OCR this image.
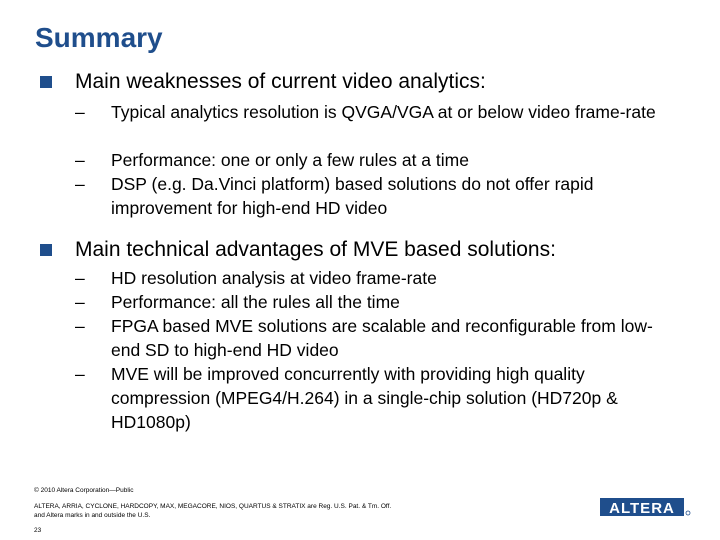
Summary
Main weaknesses of current video analytics:
– Typical analytics resolution is QVGA/VGA at or below video frame-rate
– Performance: one or only a few rules at a time
– DSP (e.g. Da.Vinci platform) based solutions do not offer rapid improvement for high-end HD video
Main technical advantages of MVE based solutions:
– HD resolution analysis at video frame-rate
– Performance: all the rules all the time
– FPGA based MVE solutions are scalable and reconfigurable from low-end SD to high-end HD video
– MVE will be improved concurrently with providing high quality compression (MPEG4/H.264) in a single-chip solution (HD720p & HD1080p)
© 2010 Altera Corporation—Public
ALTERA, ARRIA, CYCLONE, HARDCOPY, MAX, MEGACORE, NIOS, QUARTUS & STRATIX are Reg. U.S. Pat. & Tm. Off.
and Altera marks in and outside the U.S.
23
ALTERA
